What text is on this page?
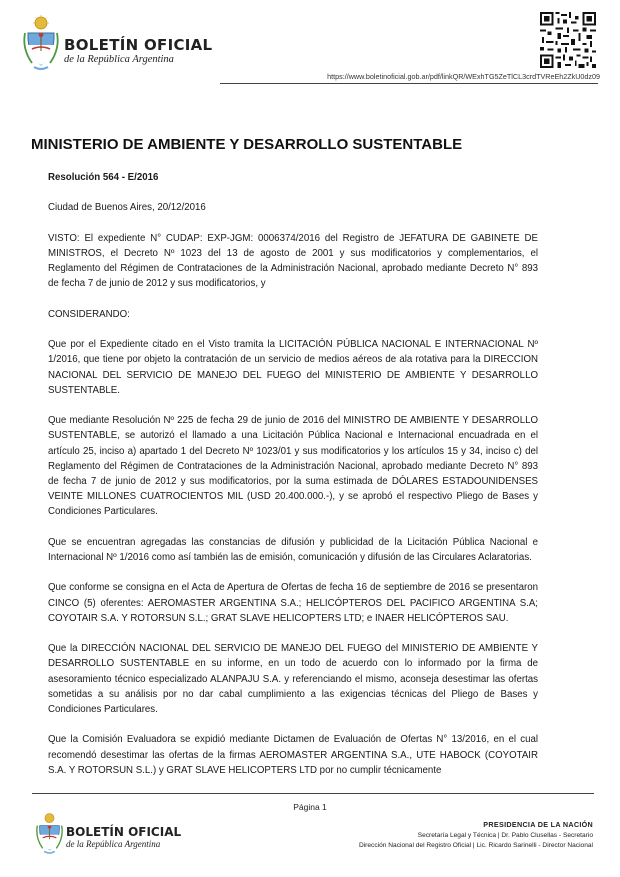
BOLETÍN OFICIAL
de la República Argentina
https://www.boletinoficial.gob.ar/pdf/linkQR/WExhTG5ZeTlCL3crdTVReEh2ZkU0dz09
MINISTERIO DE AMBIENTE Y DESARROLLO SUSTENTABLE

Resolución 564 - E/2016

Ciudad de Buenos Aires, 20/12/2016

VISTO: El expediente N° CUDAP: EXP-JGM: 0006374/2016 del Registro de JEFATURA DE GABINETE DE MINISTROS, el Decreto Nº 1023 del 13 de agosto de 2001 y sus modificatorios y complementarios, el Reglamento del Régimen de Contrataciones de la Administración Nacional, aprobado mediante Decreto N° 893 de fecha 7 de junio de 2012 y sus modificatorios, y

CONSIDERANDO:

Que por el Expediente citado en el Visto tramita la LICITACIÓN PÚBLICA NACIONAL E INTERNACIONAL Nº 1/2016, que tiene por objeto la contratación de un servicio de medios aéreos de ala rotativa para la DIRECCION NACIONAL DEL SERVICIO DE MANEJO DEL FUEGO del MINISTERIO DE AMBIENTE Y DESARROLLO SUSTENTABLE.

Que mediante Resolución Nº 225 de fecha 29 de junio de 2016 del MINISTRO DE AMBIENTE Y DESARROLLO SUSTENTABLE, se autorizó el llamado a una Licitación Pública Nacional e Internacional encuadrada en el artículo 25, inciso a) apartado 1 del Decreto Nº 1023/01 y sus modificatorios y los artículos 15 y 34, inciso c) del Reglamento del Régimen de Contrataciones de la Administración Nacional, aprobado mediante Decreto N° 893 de fecha 7 de junio de 2012 y sus modificatorios, por la suma estimada de DÓLARES ESTADOUNIDENSES VEINTE MILLONES CUATROCIENTOS MIL (USD 20.400.000.-), y se aprobó el respectivo Pliego de Bases y Condiciones Particulares.

Que se encuentran agregadas las constancias de difusión y publicidad de la Licitación Pública Nacional e Internacional Nº 1/2016 como así también las de emisión, comunicación y difusión de las Circulares Aclaratorias.

Que conforme se consigna en el Acta de Apertura de Ofertas de fecha 16 de septiembre de 2016 se presentaron CINCO (5) oferentes: AEROMASTER ARGENTINA S.A.; HELICÓPTEROS DEL PACIFICO ARGENTINA S.A; COYOTAIR S.A. Y ROTORSUN S.L.; GRAT SLAVE HELICOPTERS LTD; e INAER HELICÓPTEROS SAU.

Que la DIRECCIÓN NACIONAL DEL SERVICIO DE MANEJO DEL FUEGO del MINISTERIO DE AMBIENTE Y DESARROLLO SUSTENTABLE en su informe, en un todo de acuerdo con lo informado por la firma de asesoramiento técnico especializado ALANPAJU S.A. y referenciando el mismo, aconseja desestimar las ofertas sometidas a su análisis por no dar cabal cumplimiento a las exigencias técnicas del Pliego de Bases y Condiciones Particulares.

Que la Comisión Evaluadora se expidió mediante Dictamen de Evaluación de Ofertas N° 13/2016, en el cual recomendó desestimar las ofertas de la firmas AEROMASTER ARGENTINA S.A., UTE HABOCK (COYOTAIR S.A. Y ROTORSUN S.L.) y GRAT SLAVE HELICOPTERS LTD por no cumplir técnicamente

Página 1
BOLETÍN OFICIAL
de la República Argentina
PRESIDENCIA DE LA NACIÓN
Secretaría Legal y Técnica | Dr. Pablo Clusellas - Secretario
Dirección Nacional del Registro Oficial | Lic. Ricardo Sarinelli - Director Nacional
